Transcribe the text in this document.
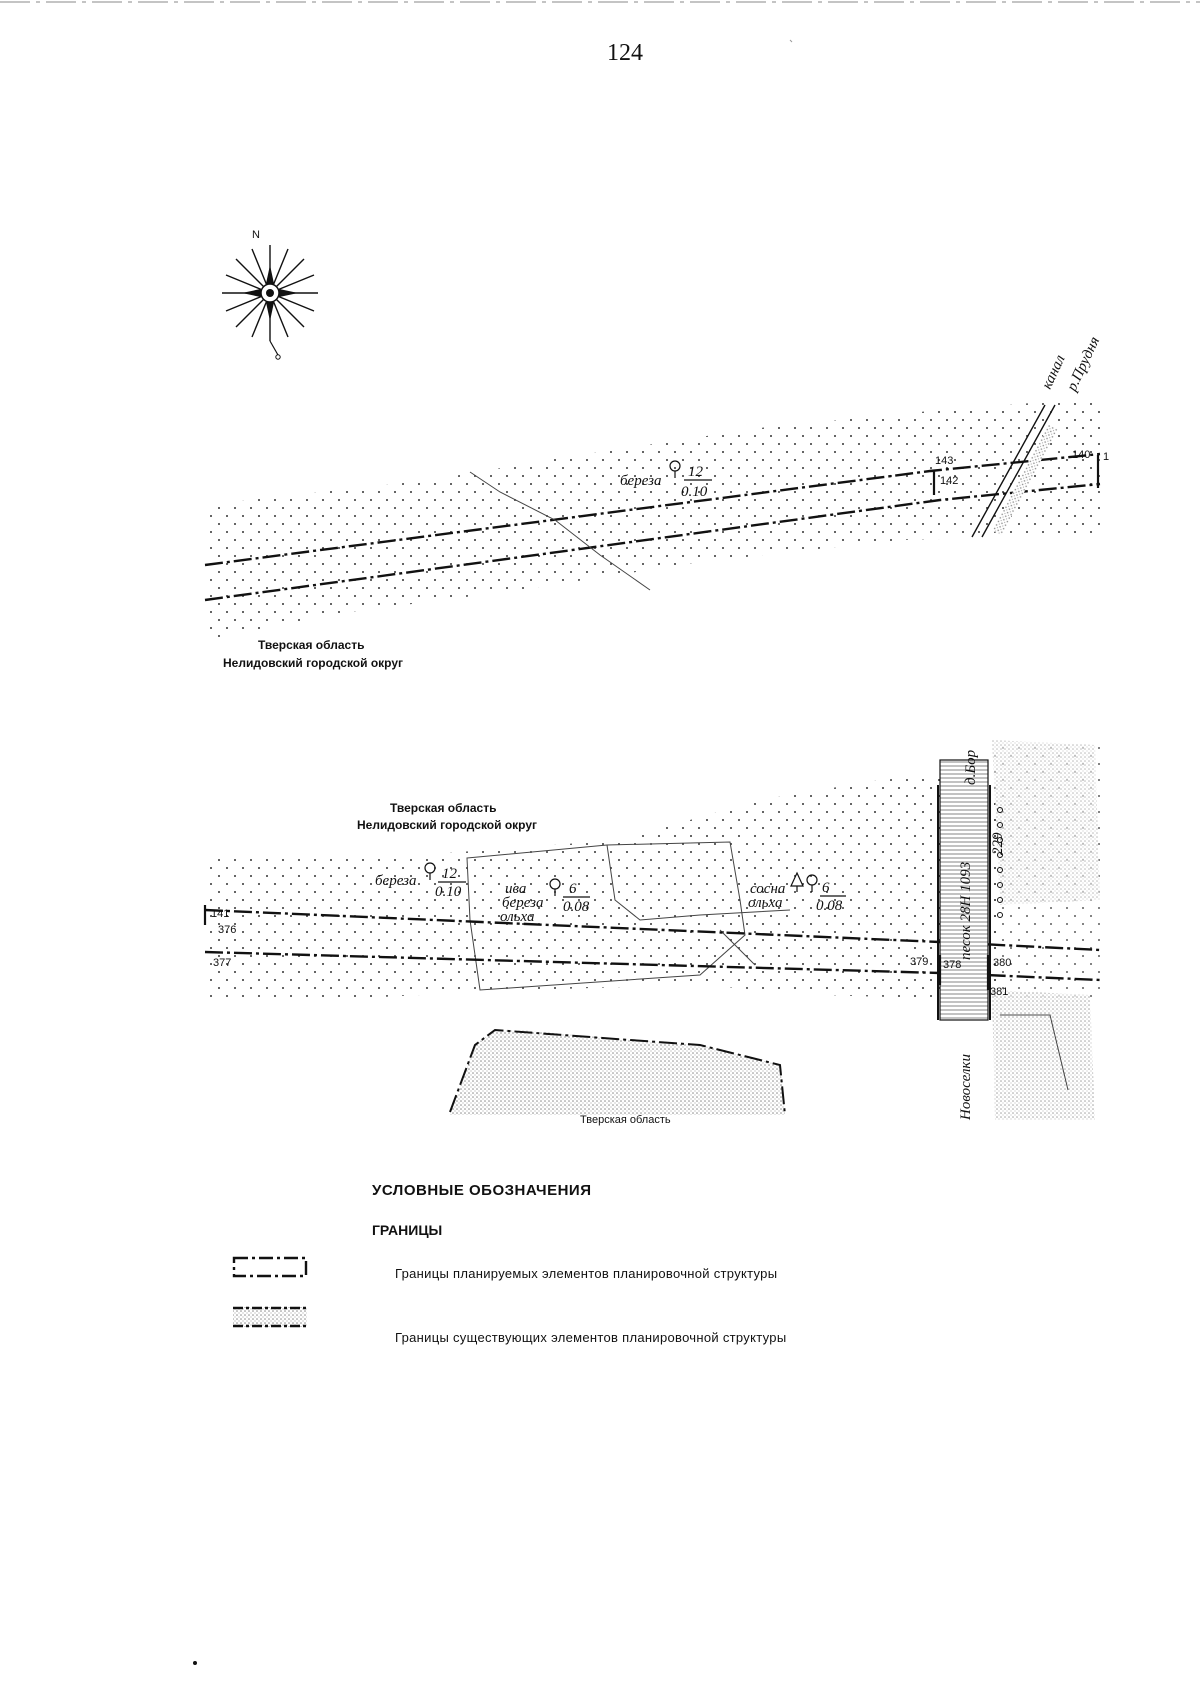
124
N
береза
12
0.10
143
142
140 1
канал
р.Прудня
Тверская область
Нелидовский городской округ
Тверская область
Нелидовский городской округ
береза 12
0.10	ива
береза
ольха
6
0.08
сосна
ольха
6
0.08	песок 28Н 1093
д.Бор
Новоселки
229
141
376
377	379 378	380
381
Тверская область
УСЛОВНЫЕ ОБОЗНАЧЕНИЯ
ГРАНИЦЫ
Границы планируемых элементов планировочной структуры
Границы существующих элементов планировочной структуры
